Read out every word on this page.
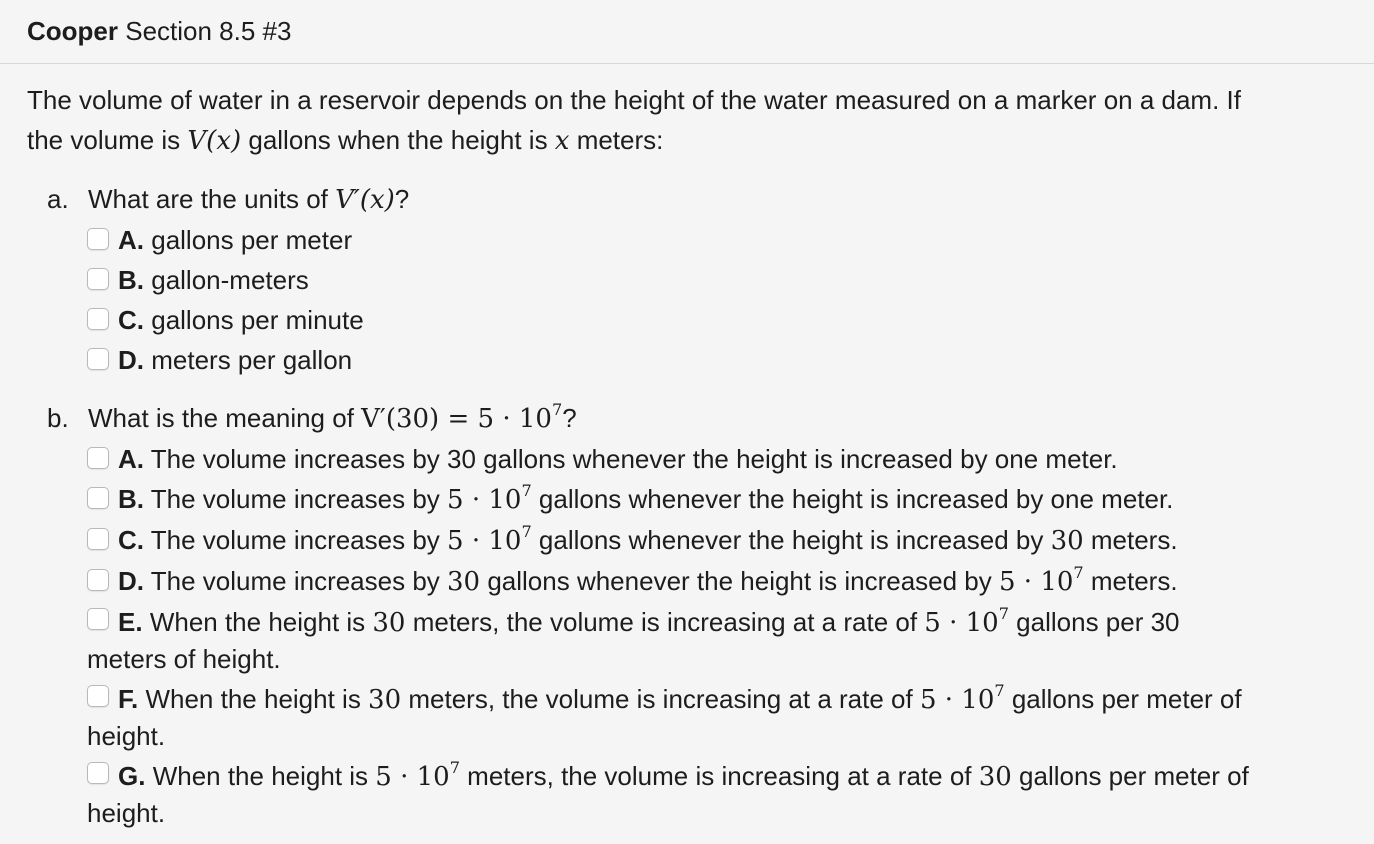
Cooper Section 8.5 #3
The volume of water in a reservoir depends on the height of the water measured on a marker on a dam. If
the volume is V(x) gallons when the height is x meters:
a. What are the units of V′(x)?
A. gallons per meter
B. gallon-meters
C. gallons per minute
D. meters per gallon
b. What is the meaning of $V'(30) = 5 \cdot 10^7$?
A. The volume increases by 30 gallons whenever the height is increased by one meter.
B. The volume increases by $5 \cdot 10^7$ gallons whenever the height is increased by one meter.
C. The volume increases by $5 \cdot 10^7$ gallons whenever the height is increased by 30 meters.
D. The volume increases by 30 gallons whenever the height is increased by $5 \cdot 10^7$ meters.
E. When the height is 30 meters, the volume is increasing at a rate of $5 \cdot 10^7$ gallons per 30
meters of height.
F. When the height is 30 meters, the volume is increasing at a rate of $5 \cdot 10^7$ gallons per meter of
height.
G. When the height is $5 \cdot 10^7$ meters, the volume is increasing at a rate of 30 gallons per meter of
height.
